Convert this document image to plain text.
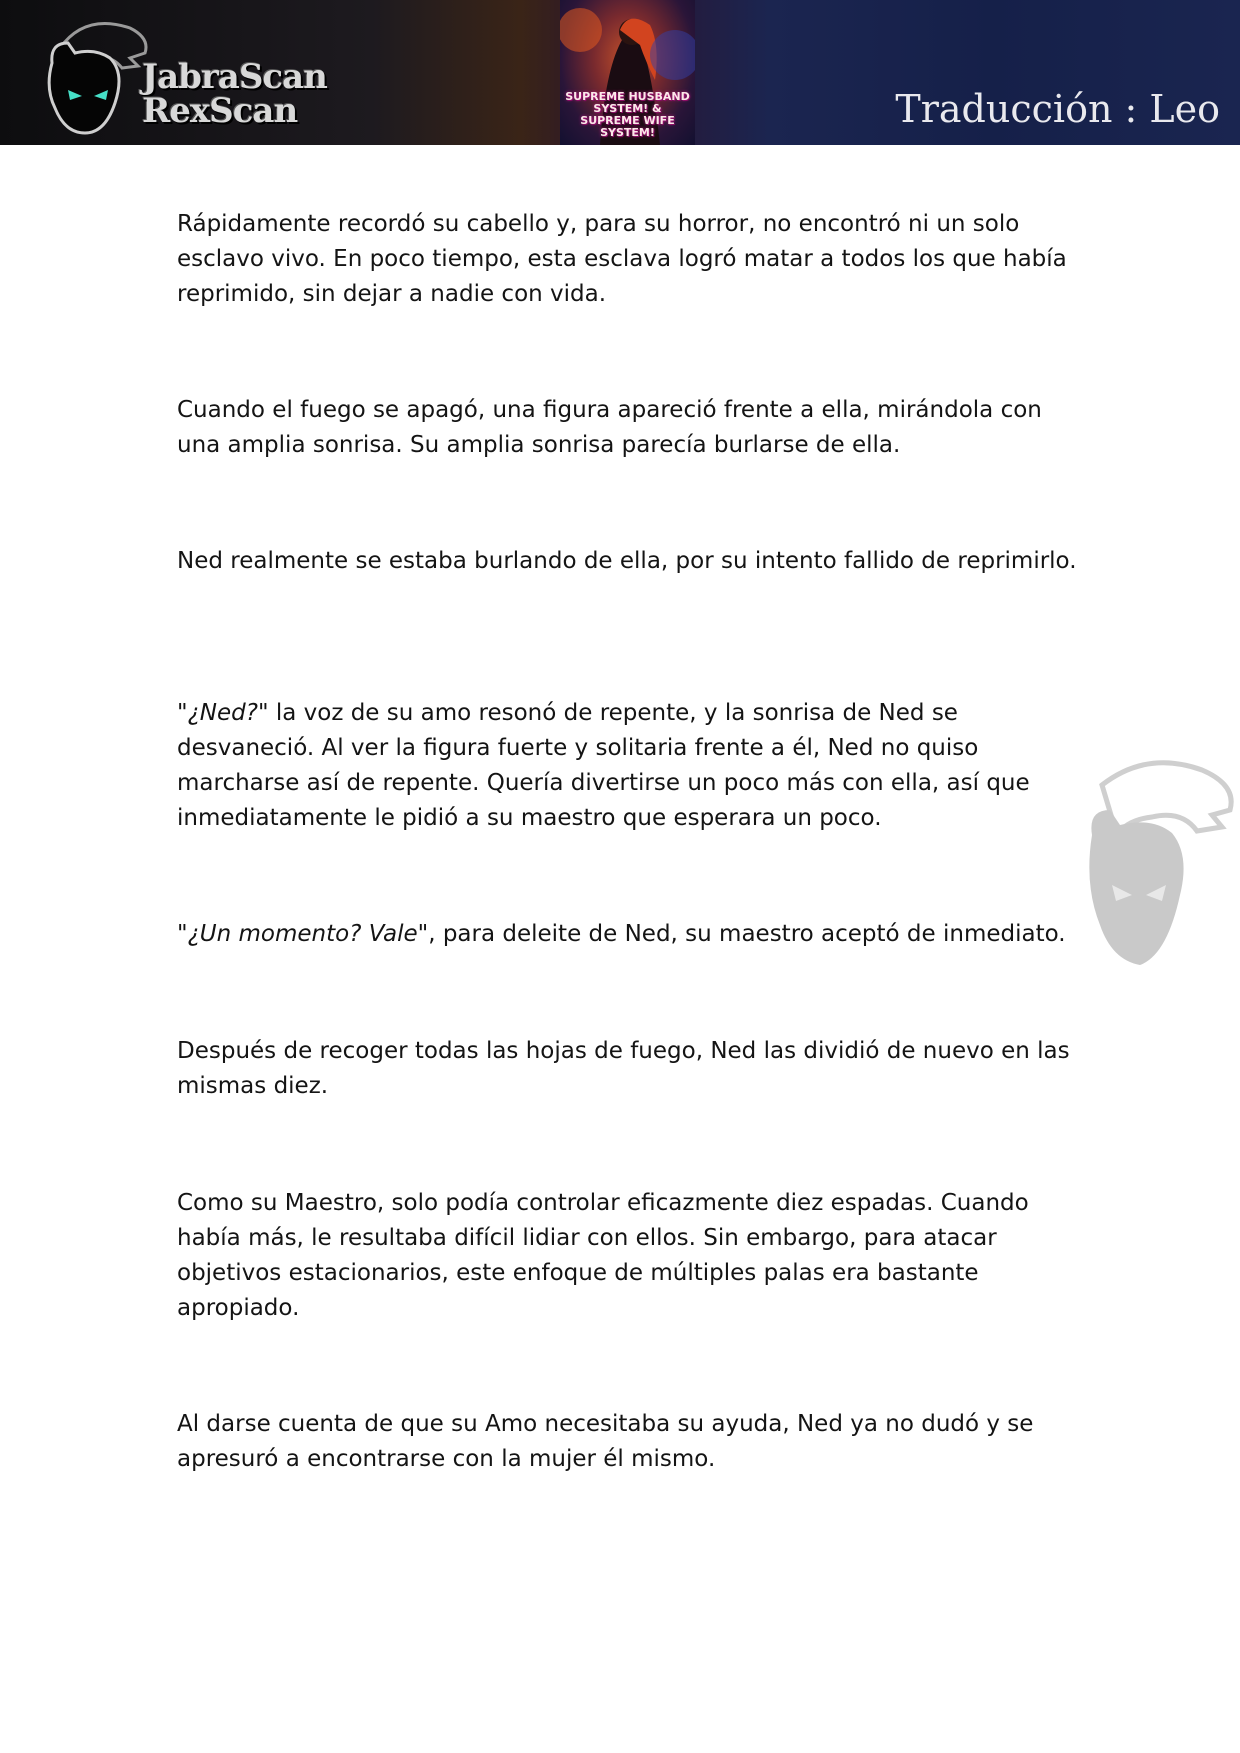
JabraScan
RexScan	SUPREME HUSBAND SYSTEM! & SUPREME WIFE SYSTEM!
Traducción : Leo

Rápidamente recordó su cabello y, para su horror, no encontró ni un solo esclavo vivo. En poco tiempo, esta esclava logró matar a todos los que había reprimido, sin dejar a nadie con vida.

Cuando el fuego se apagó, una figura apareció frente a ella, mirándola con una amplia sonrisa. Su amplia sonrisa parecía burlarse de ella.

Ned realmente se estaba burlando de ella, por su intento fallido de reprimirlo.

"¿Ned?" la voz de su amo resonó de repente, y la sonrisa de Ned se desvaneció. Al ver la figura fuerte y solitaria frente a él, Ned no quiso marcharse así de repente. Quería divertirse un poco más con ella, así que inmediatamente le pidió a su maestro que esperara un poco.

"¿Un momento? Vale", para deleite de Ned, su maestro aceptó de inmediato.

Después de recoger todas las hojas de fuego, Ned las dividió de nuevo en las mismas diez.

Como su Maestro, solo podía controlar eficazmente diez espadas. Cuando había más, le resultaba difícil lidiar con ellos. Sin embargo, para atacar objetivos estacionarios, este enfoque de múltiples palas era bastante apropiado.

Al darse cuenta de que su Amo necesitaba su ayuda, Ned ya no dudó y se apresuró a encontrarse con la mujer él mismo.
